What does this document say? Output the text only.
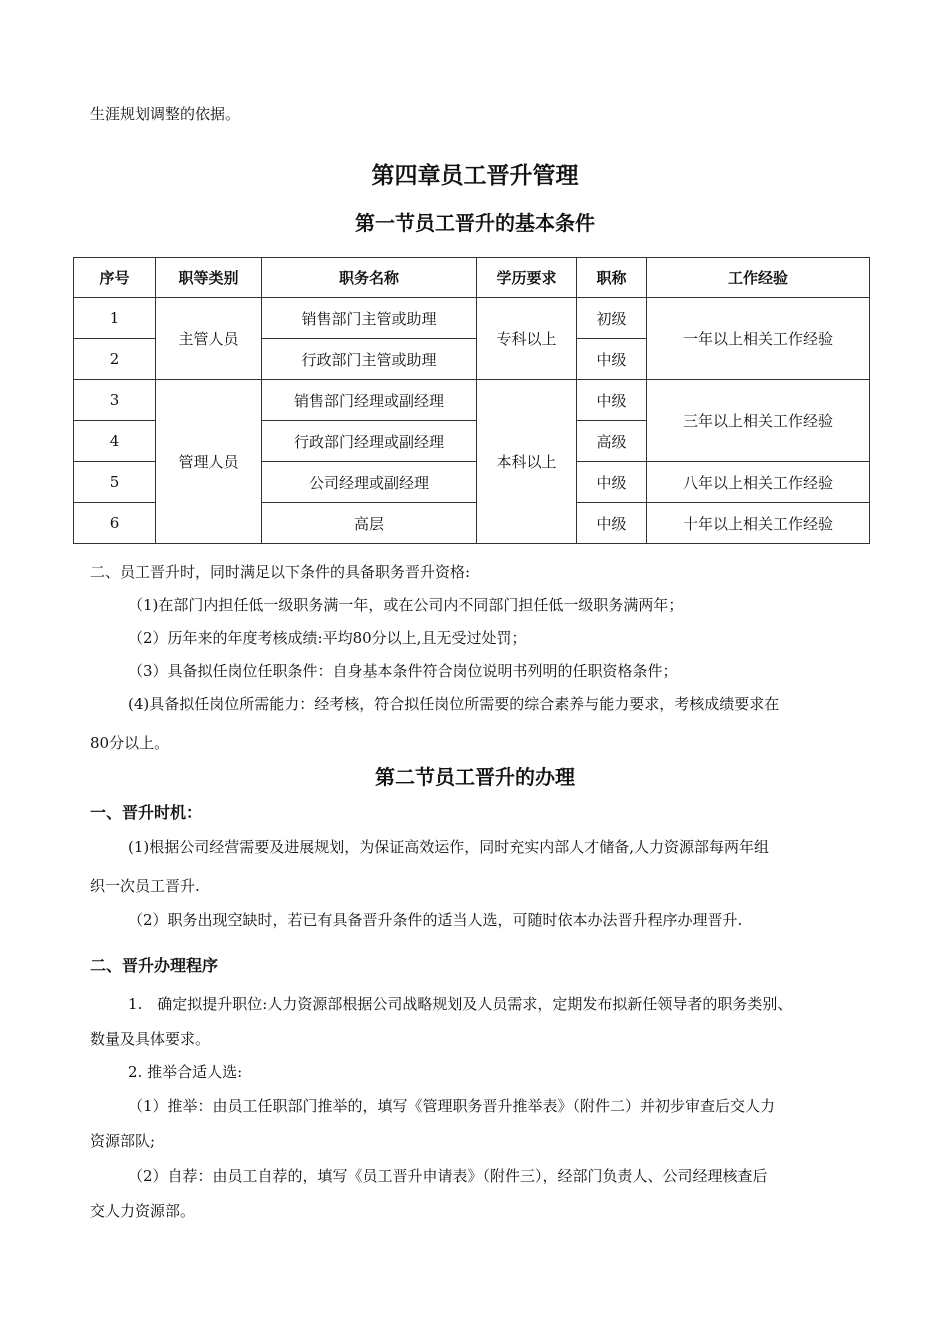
生涯规划调整的依据。
第四章员工晋升管理
第一节员工晋升的基本条件
序号	职等类别	职务名称	学历要求	职称	工作经验
1	主管人员	销售部门主管或助理	专科以上	初级	一年以上相关工作经验
2		行政部门主管或助理		中级	
3	管理人员	销售部门经理或副经理	本科以上	中级	三年以上相关工作经验
4		行政部门经理或副经理		高级	
5		公司经理或副经理		中级	八年以上相关工作经验
6		高层		中级	十年以上相关工作经验
二、员工晋升时，同时满足以下条件的具备职务晋升资格:
（1)在部门内担任低一级职务满一年，或在公司内不同部门担任低一级职务满两年；
（2）历年来的年度考核成绩:平均80分以上,且无受过处罚；
（3）具备拟任岗位任职条件：自身基本条件符合岗位说明书列明的任职资格条件；
(4)具备拟任岗位所需能力：经考核，符合拟任岗位所需要的综合素养与能力要求，考核成绩要求在
80分以上。
第二节员工晋升的办理
一、晋升时机：
(1)根据公司经营需要及进展规划，为保证高效运作，同时充实内部人才储备,人力资源部每两年组
织一次员工晋升.
（2）职务出现空缺时，若已有具备晋升条件的适当人选，可随时依本办法晋升程序办理晋升.
二、晋升办理程序
1.　确定拟提升职位:人力资源部根据公司战略规划及人员需求，定期发布拟新任领导者的职务类别、
数量及具体要求。
2. 推举合适人选:
（1）推举：由员工任职部门推举的，填写《管理职务晋升推举表》（附件二）并初步审查后交人力
资源部队;
（2）自荐：由员工自荐的，填写《员工晋升申请表》（附件三），经部门负责人、公司经理核查后
交人力资源部。
